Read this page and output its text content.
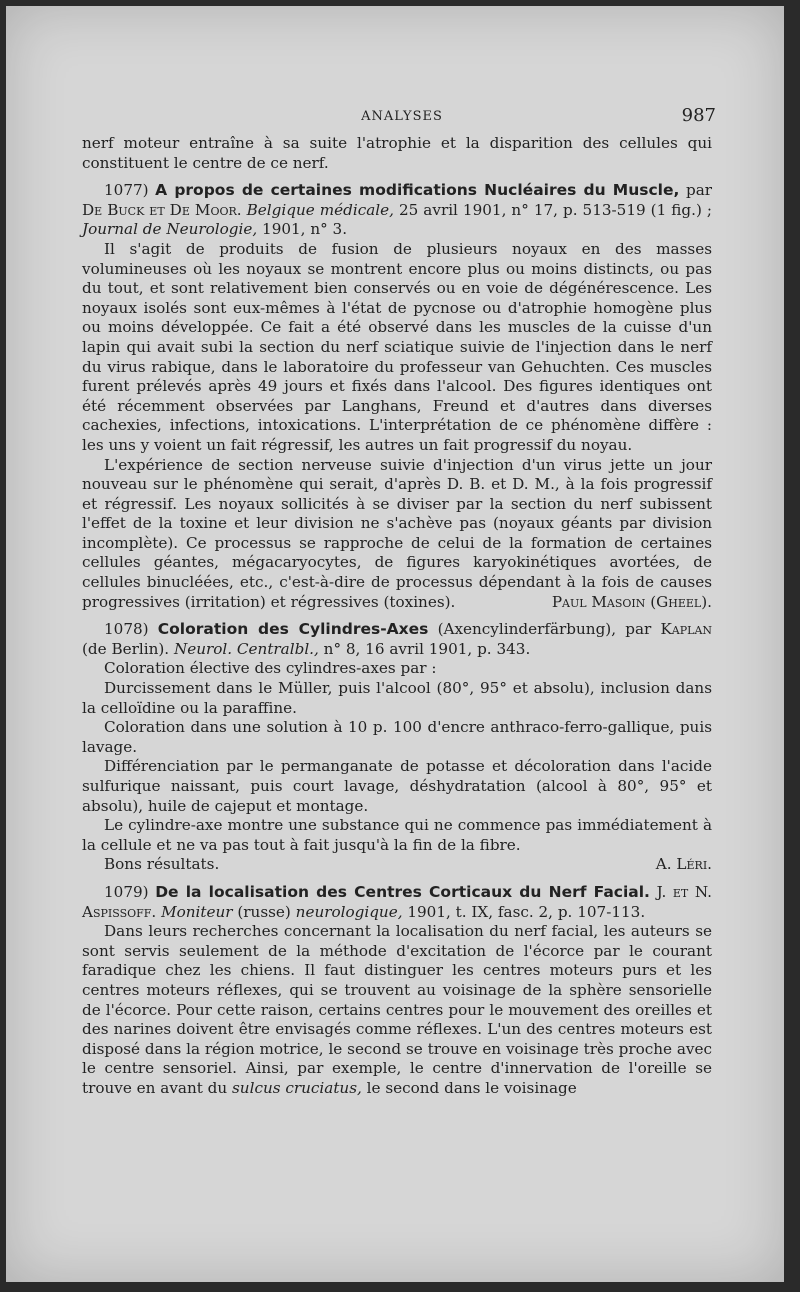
ANALYSES	987

nerf moteur entraîne à sa suite l'atrophie et la disparition des cellules qui constituent le centre de ce nerf.

1077) A propos de certaines modifications Nucléaires du Muscle, par De Buck et De Moor. Belgique médicale, 25 avril 1901, n° 17, p. 513-519 (1 fig.) ; Journal de Neurologie, 1901, n° 3.

Il s'agit de produits de fusion de plusieurs noyaux en des masses volumineuses où les noyaux se montrent encore plus ou moins distincts, ou pas du tout, et sont relativement bien conservés ou en voie de dégénérescence. Les noyaux isolés sont eux-mêmes à l'état de pycnose ou d'atrophie homogène plus ou moins développée. Ce fait a été observé dans les muscles de la cuisse d'un lapin qui avait subi la section du nerf sciatique suivie de l'injection dans le nerf du virus rabique, dans le laboratoire du professeur van Gehuchten. Ces muscles furent prélevés après 49 jours et fixés dans l'alcool. Des figures identiques ont été récemment observées par Langhans, Freund et d'autres dans diverses cachexies, infections, intoxications. L'interprétation de ce phénomène diffère : les uns y voient un fait régressif, les autres un fait progressif du noyau.

L'expérience de section nerveuse suivie d'injection d'un virus jette un jour nouveau sur le phénomène qui serait, d'après D. B. et D. M., à la fois progressif et régressif. Les noyaux sollicités à se diviser par la section du nerf subissent l'effet de la toxine et leur division ne s'achève pas (noyaux géants par division incomplète). Ce processus se rapproche de celui de la formation de certaines cellules géantes, mégacaryocytes, de figures karyokinétiques avortées, de cellules binucléées, etc., c'est-à-dire de processus dépendant à la fois de causes progressives (irritation) et régressives (toxines).	Paul Masoin (Gheel).

1078) Coloration des Cylindres-Axes (Axencylinderfärbung), par Kaplan (de Berlin). Neurol. Centralbl., n° 8, 16 avril 1901, p. 343.

Coloration élective des cylindres-axes par :

Durcissement dans le Müller, puis l'alcool (80°, 95° et absolu), inclusion dans la celloïdine ou la paraffine.

Coloration dans une solution à 10 p. 100 d'encre anthraco-ferro-gallique, puis lavage.

Différenciation par le permanganate de potasse et décoloration dans l'acide sulfurique naissant, puis court lavage, déshydratation (alcool à 80°, 95° et absolu), huile de cajeput et montage.

Le cylindre-axe montre une substance qui ne commence pas immédiatement à la cellule et ne va pas tout à fait jusqu'à la fin de la fibre.

Bons résultats.	A. Léri.

1079) De la localisation des Centres Corticaux du Nerf Facial. J. et N. Aspissoff. Moniteur (russe) neurologique, 1901, t. IX, fasc. 2, p. 107-113.

Dans leurs recherches concernant la localisation du nerf facial, les auteurs se sont servis seulement de la méthode d'excitation de l'écorce par le courant faradique chez les chiens. Il faut distinguer les centres moteurs purs et les centres moteurs réflexes, qui se trouvent au voisinage de la sphère sensorielle de l'écorce. Pour cette raison, certains centres pour le mouvement des oreilles et des narines doivent être envisagés comme réflexes. L'un des centres moteurs est disposé dans la région motrice, le second se trouve en voisinage très proche avec le centre sensoriel. Ainsi, par exemple, le centre d'innervation de l'oreille se trouve en avant du sulcus cruciatus, le second dans le voisinage
